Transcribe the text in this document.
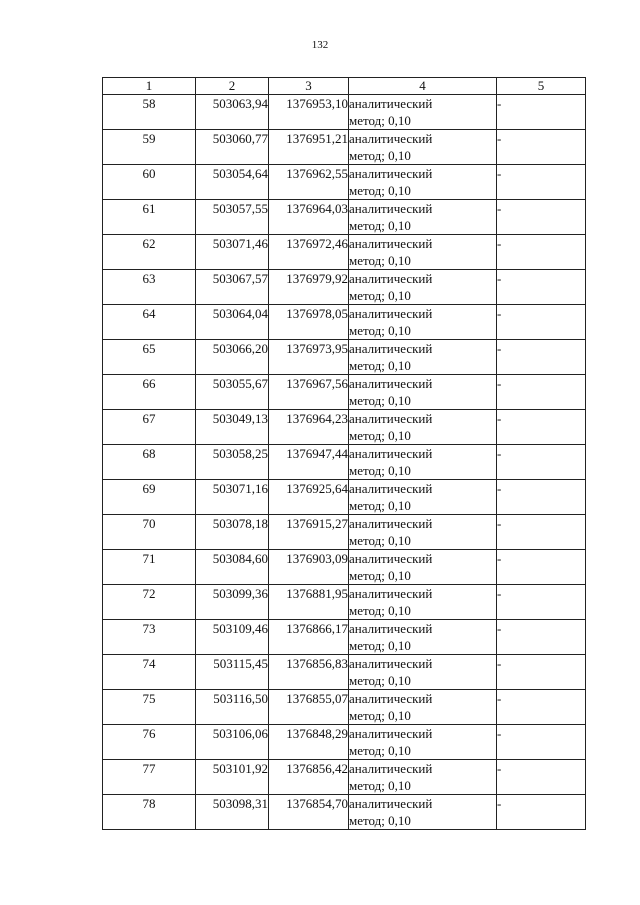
132
1	2	3	4	5
58	503063,94	1376953,10	аналитический
метод; 0,10	-
59	503060,77	1376951,21	аналитический
метод; 0,10	-
60	503054,64	1376962,55	аналитический
метод; 0,10	-
61	503057,55	1376964,03	аналитический
метод; 0,10	-
62	503071,46	1376972,46	аналитический
метод; 0,10	-
63	503067,57	1376979,92	аналитический
метод; 0,10	-
64	503064,04	1376978,05	аналитический
метод; 0,10	-
65	503066,20	1376973,95	аналитический
метод; 0,10	-
66	503055,67	1376967,56	аналитический
метод; 0,10	-
67	503049,13	1376964,23	аналитический
метод; 0,10	-
68	503058,25	1376947,44	аналитический
метод; 0,10	-
69	503071,16	1376925,64	аналитический
метод; 0,10	-
70	503078,18	1376915,27	аналитический
метод; 0,10	-
71	503084,60	1376903,09	аналитический
метод; 0,10	-
72	503099,36	1376881,95	аналитический
метод; 0,10	-
73	503109,46	1376866,17	аналитический
метод; 0,10	-
74	503115,45	1376856,83	аналитический
метод; 0,10	-
75	503116,50	1376855,07	аналитический
метод; 0,10	-
76	503106,06	1376848,29	аналитический
метод; 0,10	-
77	503101,92	1376856,42	аналитический
метод; 0,10	-
78	503098,31	1376854,70	аналитический
метод; 0,10	-
